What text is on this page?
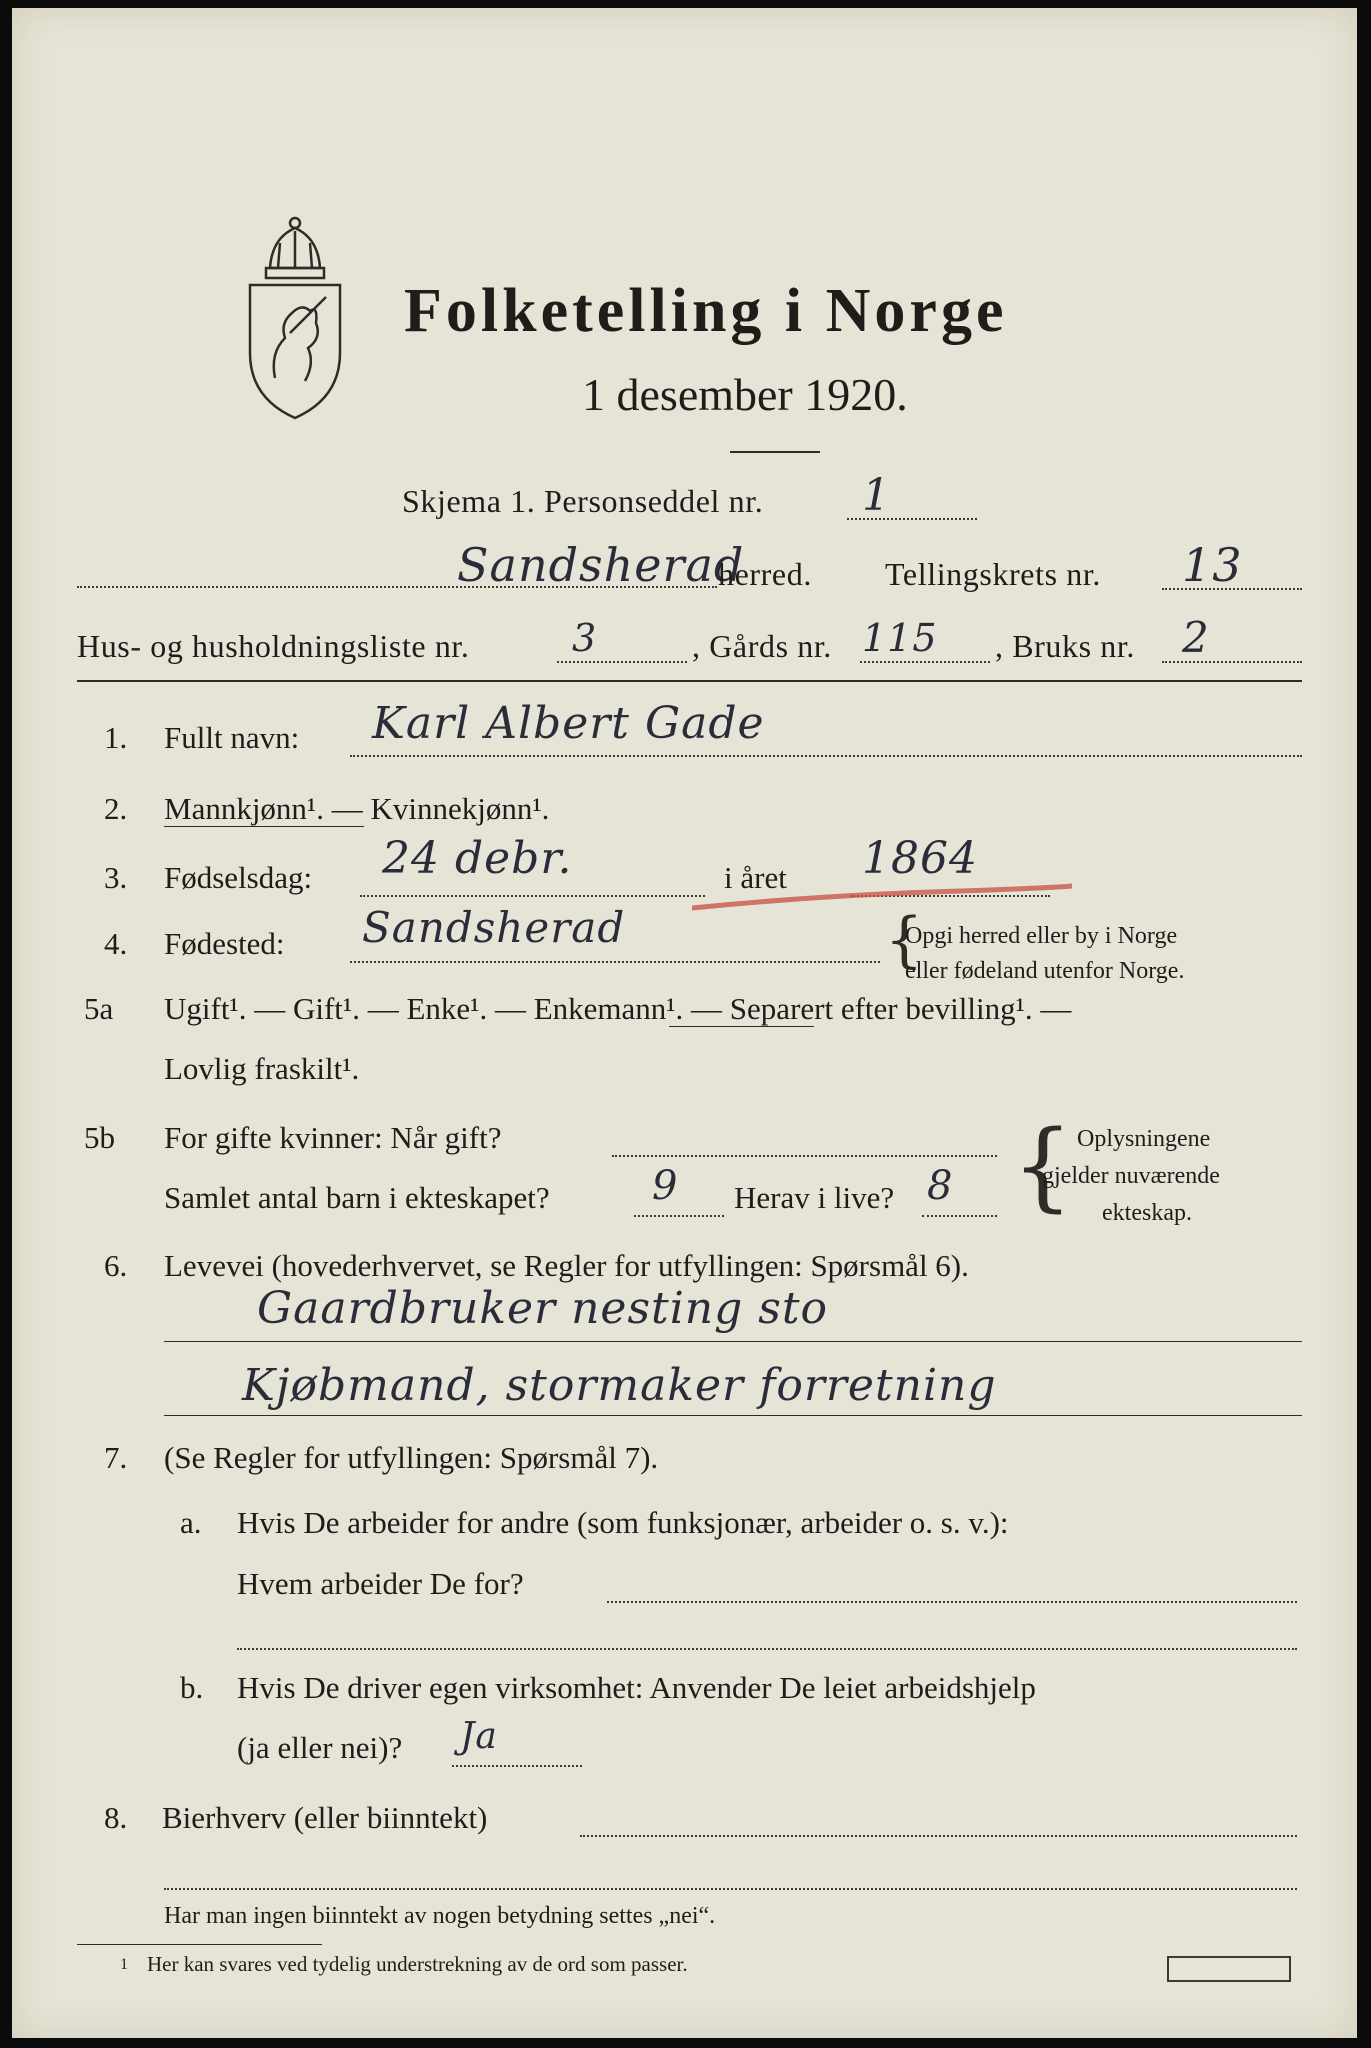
Folketelling i Norge
1 desember 1920.
Skjema 1. Personseddel nr. 1
Sandsherad
herred. Tellingskrets nr. 13
Hus- og husholdningsliste nr.	3	, Gårds nr. 115 , Bruks nr. 2
1. Fullt navn: Karl Albert Gade
2. Mannkjønn¹. — Kvinnekjønn¹.
3. Fødselsdag: 24 debr.	i året 1864
4. Fødested: Sandsherad	{
Opgi herred eller by i Norge
eller fødeland utenfor Norge.
5a Ugift¹. — Gift¹. — Enke¹. — Enkemann¹. — Separert efter bevilling¹. —
Lovlig fraskilt¹.
5b For gifte kvinner: Når gift?
Samlet antal barn i ekteskapet?	9 Herav i live? 8 { Oplysningene
gjelder nuværende
ekteskap.
6. Levevei (hovederhvervet, se Regler for utfyllingen: Spørsmål 6).
Gaardbruker nesting sto
Kjøbmand, stormaker forretning
7. (Se Regler for utfyllingen: Spørsmål 7).
a. Hvis De arbeider for andre (som funksjonær, arbeider o. s. v.):
Hvem arbeider De for?
b. Hvis De driver egen virksomhet: Anvender De leiet arbeidshjelp
(ja eller nei)? Ja
8. Bierhverv (eller biinntekt)
Har man ingen biinntekt av nogen betydning settes „nei“.
1 Her kan svares ved tydelig understrekning av de ord som passer.
